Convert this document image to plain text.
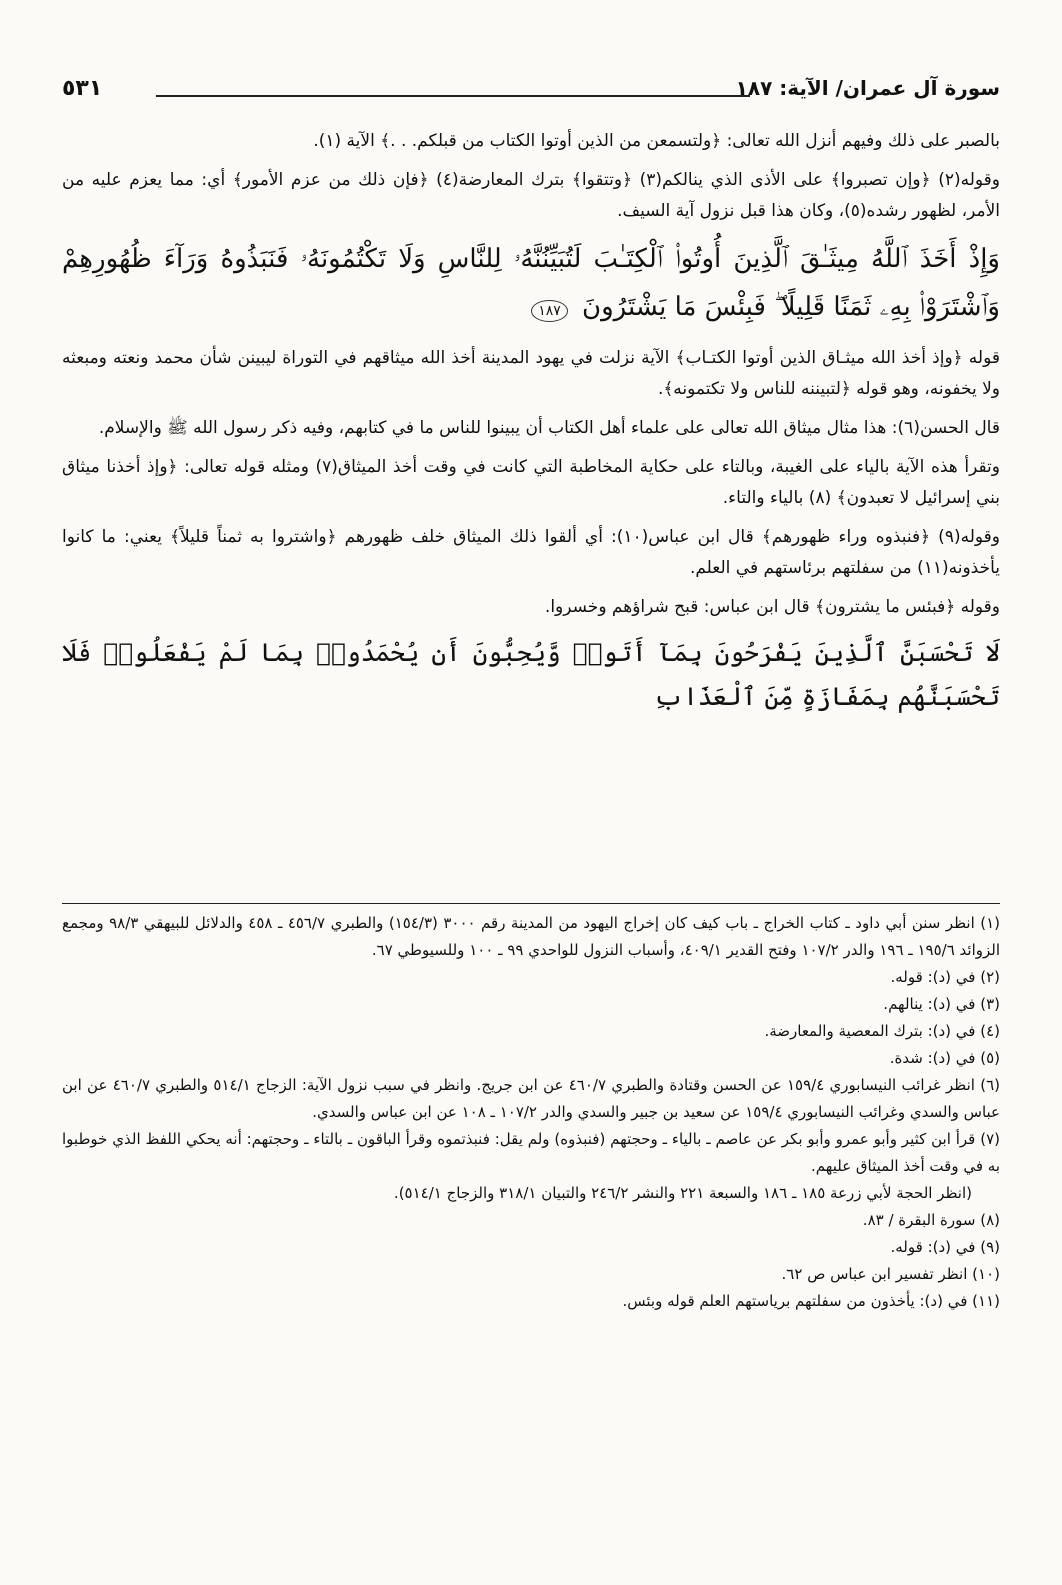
سورة آل عمران/ الآية: ١٨٧
٥٣١

بالصبر على ذلك وفيهم أنزل الله تعالى: ﴿ولتسمعن من الذين أوتوا الكتاب من قبلكم. . .﴾ الآية (١).

وقوله(٢) ﴿وإن تصبروا﴾ على الأذى الذي ينالكم(٣) ﴿وتتقوا﴾ بترك المعارضة(٤) ﴿فإن ذلك من عزم الأمور﴾ أي: مما يعزم عليه من الأمر، لظهور رشده(٥)، وكان هذا قبل نزول آية السيف.

وَإِذْ أَخَذَ ٱللَّهُ مِيثَـٰقَ ٱلَّذِينَ أُوتُوا۟ ٱلْكِتَـٰبَ لَتُبَيِّنُنَّهُۥ لِلنَّاسِ وَلَا تَكْتُمُونَهُۥ فَنَبَذُوهُ وَرَآءَ ظُهُورِهِمْ وَٱشْتَرَوْا۟ بِهِۦ ثَمَنًا قَلِيلًا ۖ فَبِئْسَ مَا يَشْتَرُونَ ١٨٧

قوله ﴿وإذ أخذ الله ميثـاق الذين أوتوا الكتـاب﴾ الآية نزلت في يهود المدينة أخذ الله ميثاقهم في التوراة ليبينن شأن محمد ونعته ومبعثه ولا يخفونه، وهو قوله ﴿لتبيننه للناس ولا تكتمونه﴾.

قال الحسن(٦): هذا مثال ميثاق الله تعالى على علماء أهل الكتاب أن يبينوا للناس ما في كتابهم، وفيه ذكر رسول الله ﷺ والإسلام.

وتقرأ هذه الآية بالياء على الغيبة، وبالتاء على حكاية المخاطبة التي كانت في وقت أخذ الميثاق(٧) ومثله قوله تعالى: ﴿وإذ أخذنا ميثاق بني إسرائيل لا تعبدون﴾ (٨) بالياء والتاء.

وقوله(٩) ﴿فنبذوه وراء ظهورهم﴾ قال ابن عباس(١٠): أي ألقوا ذلك الميثاق خلف ظهورهم ﴿واشتروا به ثمناً قليلاً﴾ يعني: ما كانوا يأخذونه(١١) من سفلتهم برئاستهم في العلم.

وقوله ﴿فبئس ما يشترون﴾ قال ابن عباس: قبح شراؤهم وخسروا.

لَا تَحْسَبَنَّ ٱلَّذِينَ يَفْرَحُونَ بِمَآ أَتَوا۟ وَّيُحِبُّونَ أَن يُحْمَدُوا۟ بِمَا لَمْ يَفْعَلُوا۟ فَلَا تَحْسَبَنَّهُم بِمَفَازَةٍ مِّنَ ٱلْعَذَابِ

(١) انظر سنن أبي داود ـ كتاب الخراج ـ باب كيف كان إخراج اليهود من المدينة رقم ٣٠٠٠ (١٥٤/٣) والطبري ٤٥٦/٧ ـ ٤٥٨ والدلائل للبيهقي ٩٨/٣ ومجمع الزوائد ١٩٥/٦ ـ ١٩٦ والدر ١٠٧/٢ وفتح القدير ٤٠٩/١، وأسباب النزول للواحدي ٩٩ ـ ١٠٠ وللسيوطي ٦٧.

(٢) في (د): قوله.

(٣) في (د): ينالهم.

(٤) في (د): بترك المعصية والمعارضة.

(٥) في (د): شدة.

(٦) انظر غرائب النيسابوري ١٥٩/٤ عن الحسن وقتادة والطبري ٤٦٠/٧ عن ابن جريج. وانظر في سبب نزول الآية: الزجاج ٥١٤/١ والطبري ٤٦٠/٧ عن ابن عباس والسدي وغرائب النيسابوري ١٥٩/٤ عن سعيد بن جبير والسدي والدر ١٠٧/٢ ـ ١٠٨ عن ابن عباس والسدي.

(٧) قرأ ابن كثير وأبو عمرو وأبو بكر عن عاصم ـ بالياء ـ وحجتهم (فنبذوه) ولم يقل: فنبذتموه وقرأ الباقون ـ بالتاء ـ وحجتهم: أنه يحكي اللفظ الذي خوطبوا به في وقت أخذ الميثاق عليهم.

(انظر الحجة لأبي زرعة ١٨٥ ـ ١٨٦ والسبعة ٢٢١ والنشر ٢٤٦/٢ والتبيان ٣١٨/١ والزجاج ٥١٤/١).

(٨) سورة البقرة / ٨٣.

(٩) في (د): قوله.

(١٠) انظر تفسير ابن عباس ص ٦٢.

(١١) في (د): يأخذون من سفلتهم برياستهم العلم قوله وبئس.
